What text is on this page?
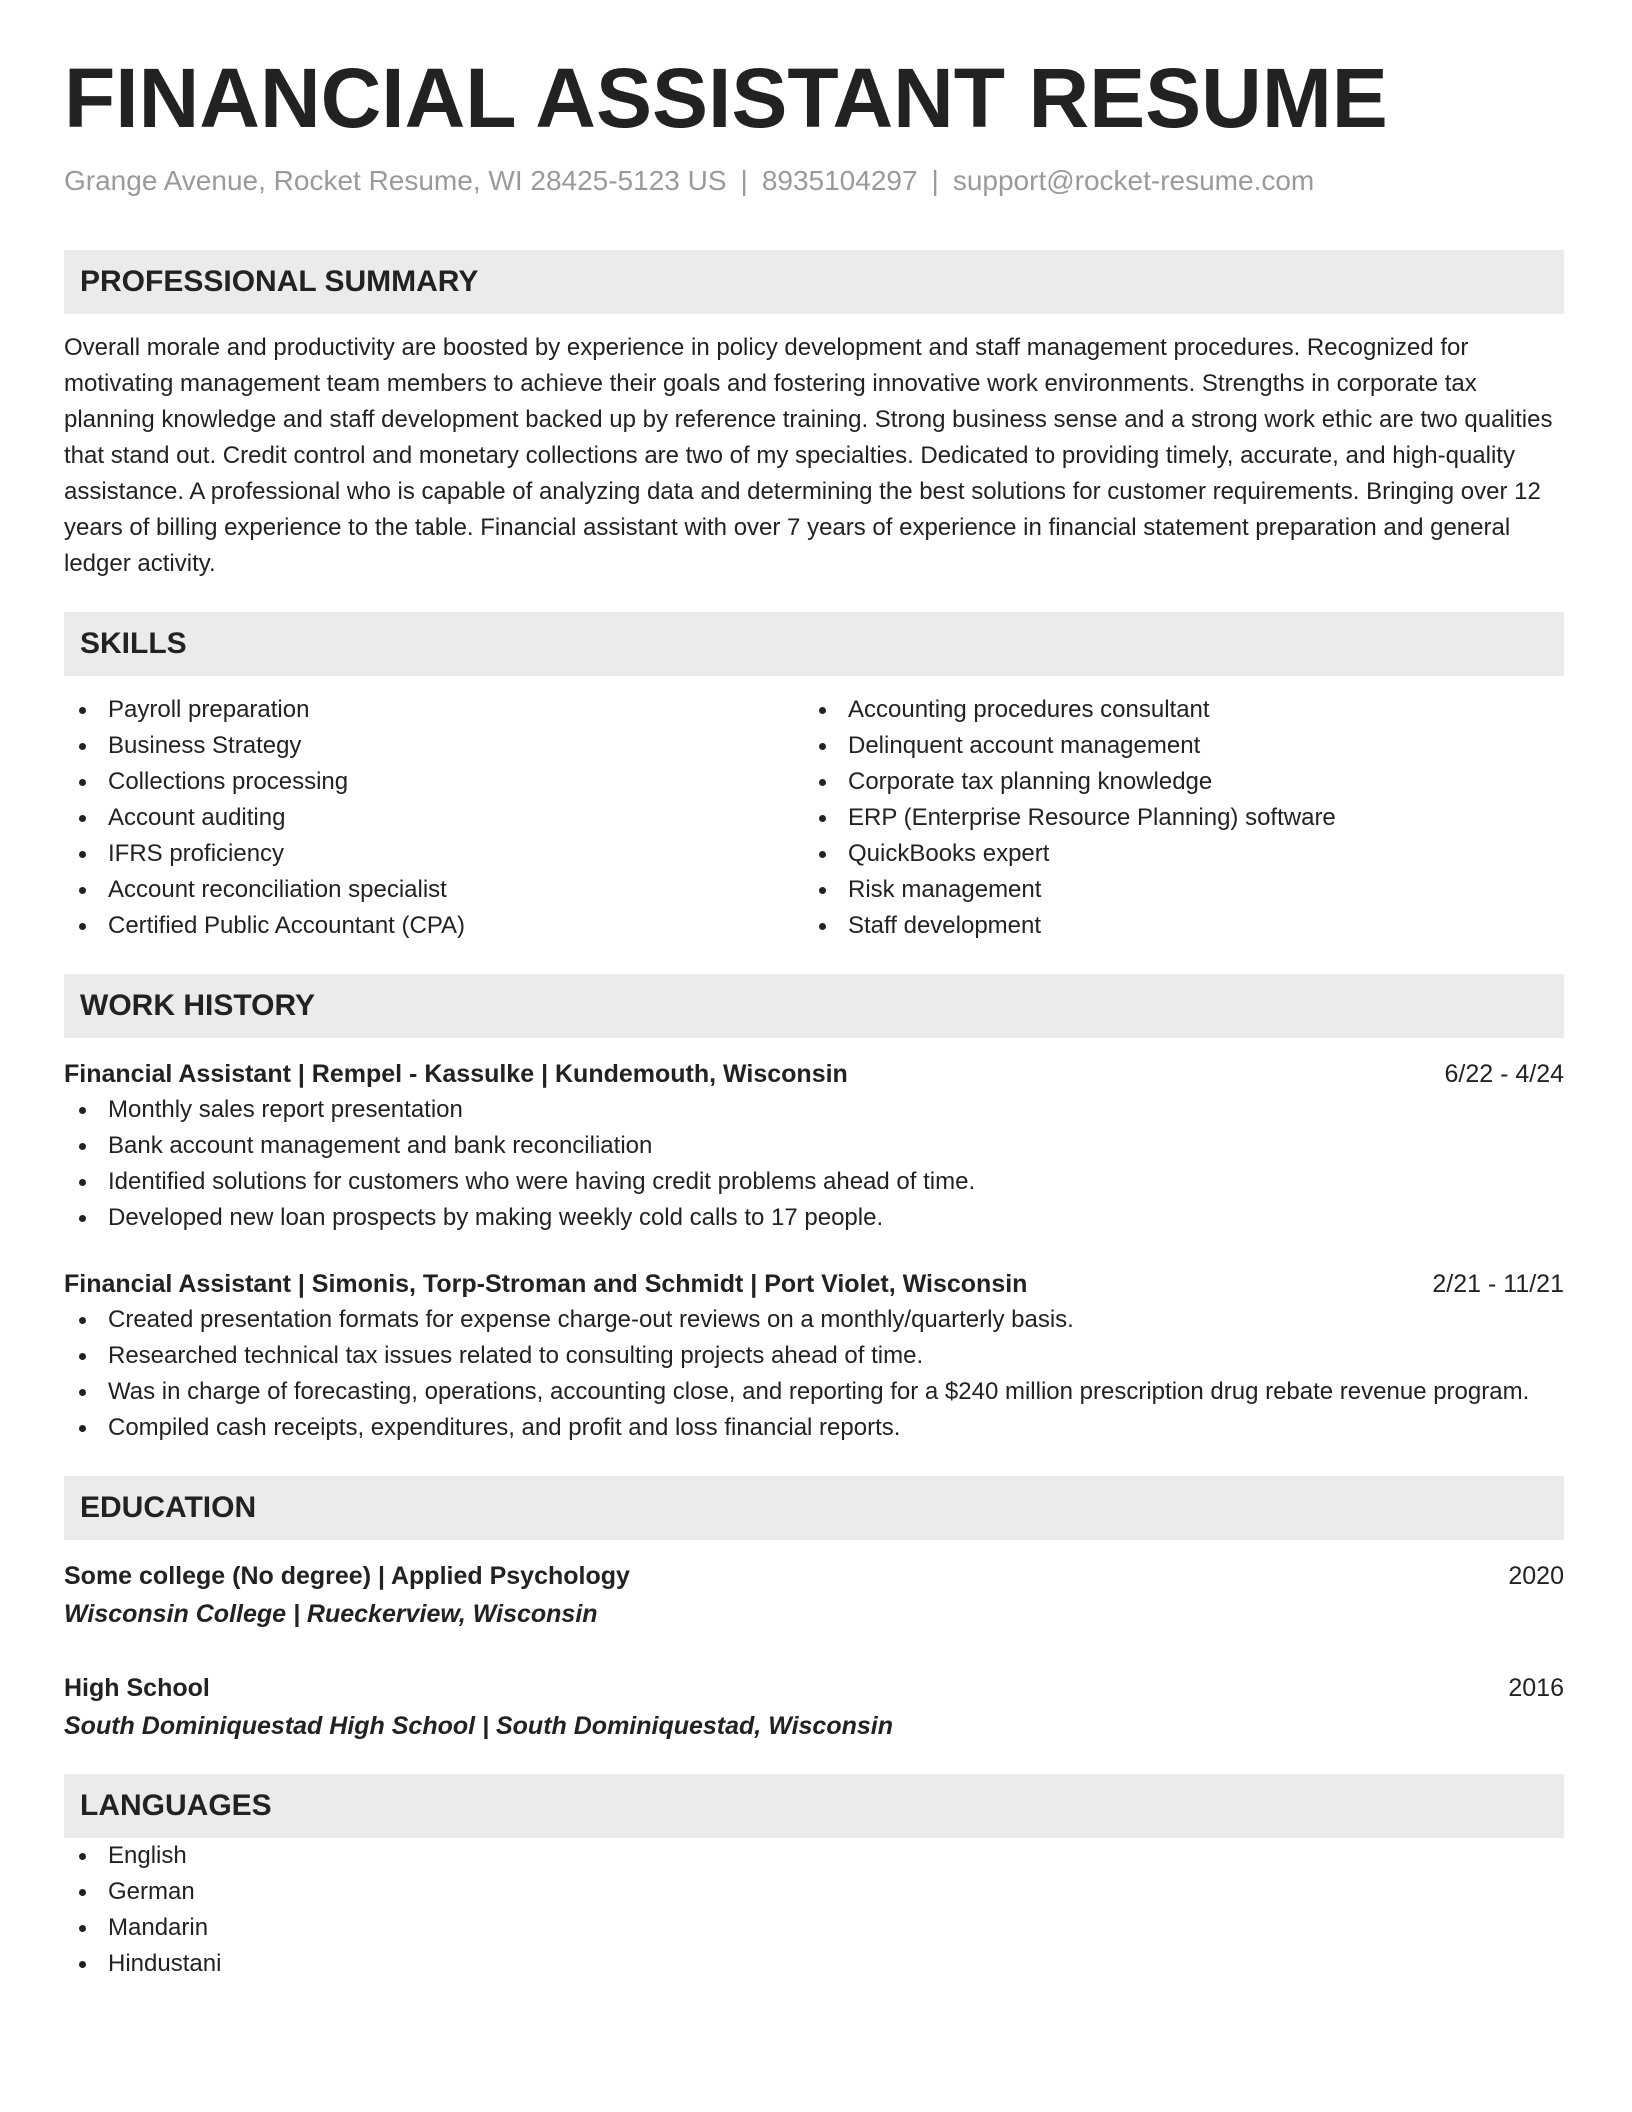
FINANCIAL ASSISTANT RESUME
Grange Avenue, Rocket Resume, WI 28425-5123 US | 8935104297 | support@rocket-resume.com
PROFESSIONAL SUMMARY

Overall morale and productivity are boosted by experience in policy development and staff management procedures. Recognized for motivating management team members to achieve their goals and fostering innovative work environments. Strengths in corporate tax planning knowledge and staff development backed up by reference training. Strong business sense and a strong work ethic are two qualities that stand out. Credit control and monetary collections are two of my specialties. Dedicated to providing timely, accurate, and high-quality assistance. A professional who is capable of analyzing data and determining the best solutions for customer requirements. Bringing over 12 years of billing experience to the table. Financial assistant with over 7 years of experience in financial statement preparation and general ledger activity.

SKILLS
Payroll preparation
Business Strategy
Collections processing
Account auditing
IFRS proficiency
Account reconciliation specialist
Certified Public Accountant (CPA)
Accounting procedures consultant
Delinquent account management
Corporate tax planning knowledge
ERP (Enterprise Resource Planning) software
QuickBooks expert
Risk management
Staff development
WORK HISTORY
Financial Assistant | Rempel - Kassulke | Kundemouth, Wisconsin	6/22 - 4/24
Monthly sales report presentation
Bank account management and bank reconciliation
Identified solutions for customers who were having credit problems ahead of time.
Developed new loan prospects by making weekly cold calls to 17 people.
Financial Assistant | Simonis, Torp-Stroman and Schmidt | Port Violet, Wisconsin	2/21 - 11/21
Created presentation formats for expense charge-out reviews on a monthly/quarterly basis.
Researched technical tax issues related to consulting projects ahead of time.
Was in charge of forecasting, operations, accounting close, and reporting for a $240 million prescription drug rebate revenue program.
Compiled cash receipts, expenditures, and profit and loss financial reports.
EDUCATION
Some college (No degree) | Applied Psychology	2020
Wisconsin College | Rueckerview, Wisconsin
High School	2016
South Dominiquestad High School | South Dominiquestad, Wisconsin
LANGUAGES
English
German
Mandarin
Hindustani
